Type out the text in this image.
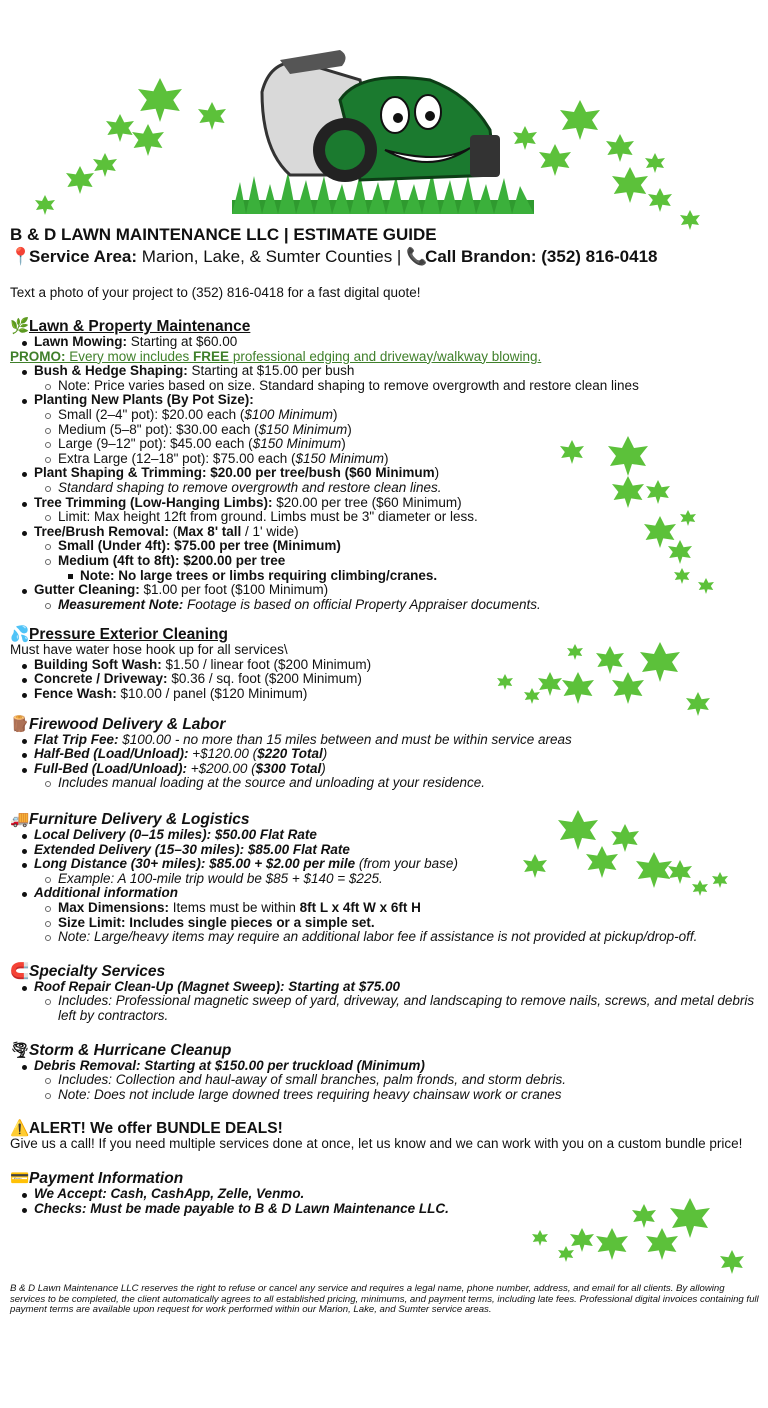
B & D LAWN MAINTENANCE LLC | ESTIMATE GUIDE
📍Service Area: Marion, Lake, & Sumter Counties | 📞Call Brandon: (352) 816-0418
Text a photo of your project to (352) 816-0418 for a fast digital quote!
🌿Lawn & Property Maintenance
Lawn Mowing: Starting at $60.00
PROMO: Every mow includes FREE professional edging and driveway/walkway blowing.
Bush & Hedge Shaping: Starting at $15.00 per bush
Note: Price varies based on size. Standard shaping to remove overgrowth and restore clean lines
Planting New Plants (By Pot Size):
Small (2–4" pot): $20.00 each ($100 Minimum)
Medium (5–8" pot): $30.00 each ($150 Minimum)
Large (9–12" pot): $45.00 each ($150 Minimum)
Extra Large (12–18" pot): $75.00 each ($150 Minimum)
Plant Shaping & Trimming: $20.00 per tree/bush ($60 Minimum)
Standard shaping to remove overgrowth and restore clean lines.
Tree Trimming (Low-Hanging Limbs): $20.00 per tree ($60 Minimum)
Limit: Max height 12ft from ground. Limbs must be 3" diameter or less.
Tree/Brush Removal: (Max 8' tall / 1' wide)
Small (Under 4ft): $75.00 per tree (Minimum)
Medium (4ft to 8ft): $200.00 per tree
Note: No large trees or limbs requiring climbing/cranes.
Gutter Cleaning: $1.00 per foot ($100 Minimum)
Measurement Note: Footage is based on official Property Appraiser documents.
💦Pressure Exterior Cleaning
Must have water hose hook up for all services\
Building Soft Wash: $1.50 / linear foot ($200 Minimum)
Concrete / Driveway: $0.36 / sq. foot ($200 Minimum)
Fence Wash: $10.00 / panel ($120 Minimum)
🪵Firewood Delivery & Labor
Flat Trip Fee: $100.00 - no more than 15 miles between and must be within service areas
Half-Bed (Load/Unload): +$120.00 ($220 Total)
Full-Bed (Load/Unload): +$200.00 ($300 Total)
Includes manual loading at the source and unloading at your residence.
🚚Furniture Delivery & Logistics
Local Delivery (0–15 miles): $50.00 Flat Rate
Extended Delivery (15–30 miles): $85.00 Flat Rate
Long Distance (30+ miles): $85.00 + $2.00 per mile (from your base)
Example: A 100-mile trip would be $85 + $140 = $225.
Additional information
Max Dimensions: Items must be within 8ft L x 4ft W x 6ft H
Size Limit: Includes single pieces or a simple set.
Note: Large/heavy items may require an additional labor fee if assistance is not provided at pickup/drop-off.
🧲Specialty Services
Roof Repair Clean-Up (Magnet Sweep): Starting at $75.00
Includes: Professional magnetic sweep of yard, driveway, and landscaping to remove nails, screws, and metal debris left by contractors.
🌪Storm & Hurricane Cleanup
Debris Removal: Starting at $150.00 per truckload (Minimum)
Includes: Collection and haul-away of small branches, palm fronds, and storm debris.
Note: Does not include large downed trees requiring heavy chainsaw work or cranes
⚠️ALERT! We offer BUNDLE DEALS!
Give us a call! If you need multiple services done at once, let us know and we can work with you on a custom bundle price!
💳Payment Information
We Accept: Cash, CashApp, Zelle, Venmo.
Checks: Must be made payable to B & D Lawn Maintenance LLC.
B & D Lawn Maintenance LLC reserves the right to refuse or cancel any service and requires a legal name, phone number, address, and email for all clients. By allowing services to be completed, the client automatically agrees to all established pricing, minimums, and payment terms, including late fees. Professional digital invoices containing full payment terms are available upon request for work performed within our Marion, Lake, and Sumter service areas.
